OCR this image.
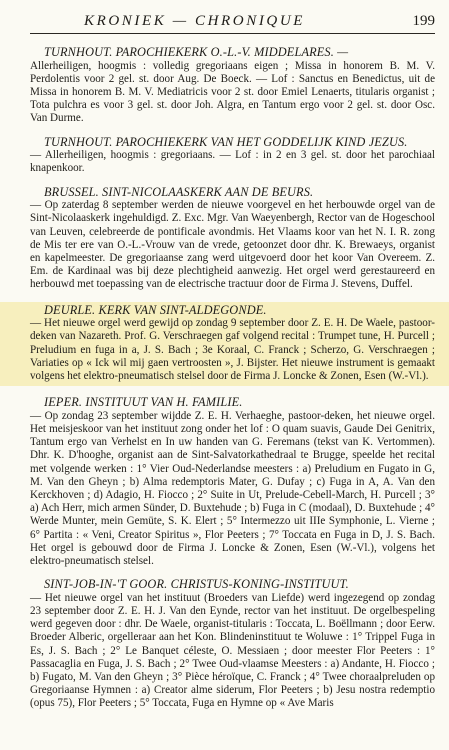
KRONIEK — CHRONIQUE	199

TURNHOUT. PAROCHIEKERK O.-L.-V. MIDDELARES. —
Allerheiligen, hoogmis : volledig gregoriaans eigen ; Missa in honorem B. M. V. Perdolentis voor 2 gel. st. door Aug. De Boeck. — Lof : Sanctus en Benedictus, uit de Missa in honorem B. M. V. Mediatricis voor 2 st. door Emiel Lenaerts, titularis organist ; Tota pulchra es voor 3 gel. st. door Joh. Algra, en Tantum ergo voor 2 gel. st. door Osc. Van Durme.

TURNHOUT. PAROCHIEKERK VAN HET GODDELIJK KIND JEZUS.
— Allerheiligen, hoogmis : gregoriaans. — Lof : in 2 en 3 gel. st. door het parochiaal knapenkoor.

BRUSSEL. SINT-NICOLAASKERK AAN DE BEURS.
— Op zaterdag 8 september werden de nieuwe voorgevel en het herbouwde orgel van de Sint-Nicolaaskerk ingehuldigd. Z. Exc. Mgr. Van Waeyenbergh, Rector van de Hogeschool van Leuven, celebreerde de pontificale avondmis. Het Vlaams koor van het N. I. R. zong de Mis ter ere van O.-L.-Vrouw van de vrede, getoonzet door dhr. K. Brewaeys, organist en kapelmeester. De gregoriaanse zang werd uitgevoerd door het koor Van Overeem. Z. Em. de Kardinaal was bij deze plechtigheid aanwezig. Het orgel werd gerestaureerd en herbouwd met toepassing van de electrische tractuur door de Firma J. Stevens, Duffel.

DEURLE. KERK VAN SINT-ALDEGONDE.
— Het nieuwe orgel werd gewijd op zondag 9 september door Z. E. H. De Waele, pastoor-deken van Nazareth. Prof. G. Verschraegen gaf volgend recital : Trumpet tune, H. Purcell ; Preludium en fuga in a, J. S. Bach ; 3e Koraal, C. Franck ; Scherzo, G. Verschraegen ; Variaties op « Ick wil mij gaen vertroosten », J. Bijster. Het nieuwe instrument is gemaakt volgens het elektro-pneumatisch stelsel door de Firma J. Loncke & Zonen, Esen (W.-Vl.).

IEPER. INSTITUUT VAN H. FAMILIE.
— Op zondag 23 september wijdde Z. E. H. Verhaeghe, pastoor-deken, het nieuwe orgel. Het meisjeskoor van het instituut zong onder het lof : O quam suavis, Gaude Dei Genitrix, Tantum ergo van Verhelst en In uw handen van G. Feremans (tekst van K. Vertommen). Dhr. K. D'hooghe, organist aan de Sint-Salvatorkathedraal te Brugge, speelde het recital met volgende werken : 1° Vier Oud-Nederlandse meesters : a) Preludium en Fugato in G, M. Van den Gheyn ; b) Alma redemptoris Mater, G. Dufay ; c) Fuga in A, A. Van den Kerckhoven ; d) Adagio, H. Fiocco ; 2° Suite in Ut, Prelude-Cebell-March, H. Purcell ; 3° a) Ach Herr, mich armen Sünder, D. Buxtehude ; b) Fuga in C (modaal), D. Buxtehude ; 4° Werde Munter, mein Gemüte, S. K. Elert ; 5° Intermezzo uit IIIe Symphonie, L. Vierne ; 6° Partita : « Veni, Creator Spiritus », Flor Peeters ; 7° Toccata en Fuga in D, J. S. Bach. Het orgel is gebouwd door de Firma J. Loncke & Zonen, Esen (W.-Vl.), volgens het elektro-pneumatisch stelsel.

SINT-JOB-IN-'T GOOR. CHRISTUS-KONING-INSTITUUT.
— Het nieuwe orgel van het instituut (Broeders van Liefde) werd ingezegend op zondag 23 september door Z. E. H. J. Van den Eynde, rector van het instituut. De orgelbespeling werd gegeven door : dhr. De Waele, organist-titularis : Toccata, L. Boëllmann ; door Eerw. Broeder Alberic, orgelleraar aan het Kon. Blindeninstituut te Woluwe : 1° Trippel Fuga in Es, J. S. Bach ; 2° Le Banquet céleste, O. Messiaen ; door meester Flor Peeters : 1° Passacaglia en Fuga, J. S. Bach ; 2° Twee Oud-vlaamse Meesters : a) Andante, H. Fiocco ; b) Fugato, M. Van den Gheyn ; 3° Pièce héroïque, C. Franck ; 4° Twee choraalpreluden op Gregoriaanse Hymnen : a) Creator alme siderum, Flor Peeters ; b) Jesu nostra redemptio (opus 75), Flor Peeters ; 5° Toccata, Fuga en Hymne op « Ave Maris
